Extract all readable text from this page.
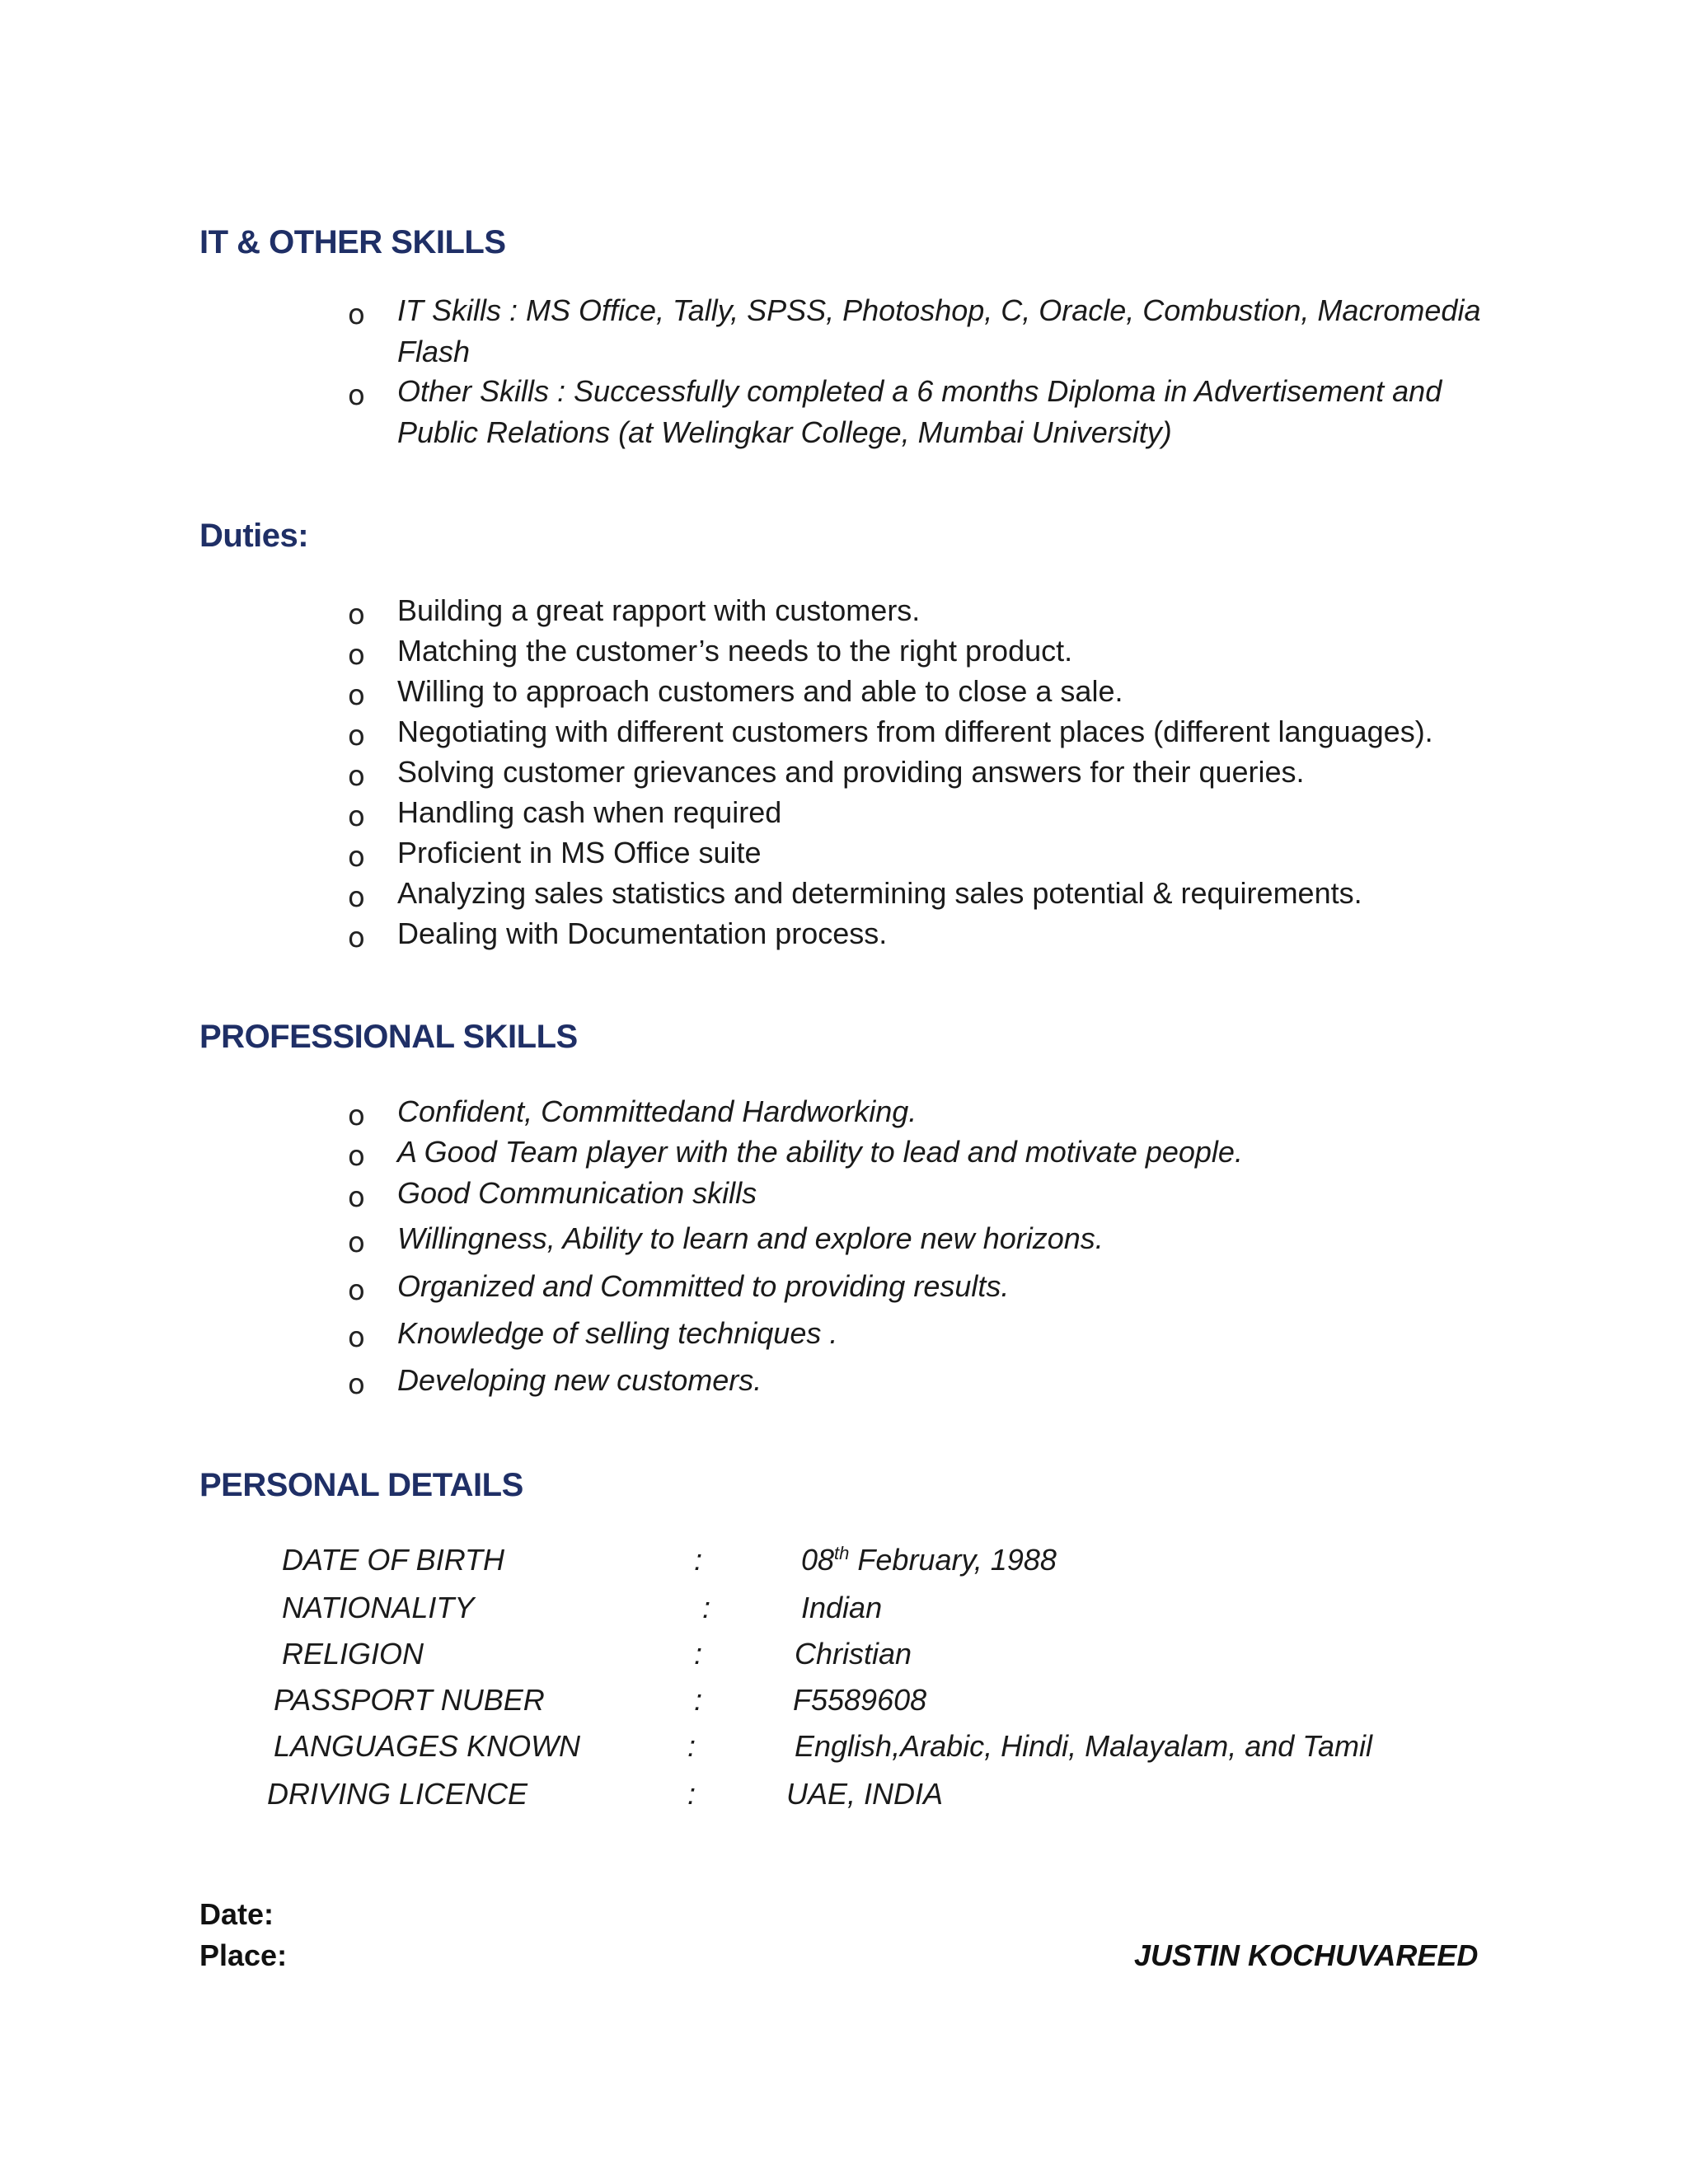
IT & OTHER SKILLS
o IT Skills : MS Office, Tally, SPSS, Photoshop, C, Oracle, Combustion, Macromedia Flash
o Other Skills : Successfully completed a 6 months Diploma in Advertisement and Public Relations (at Welingkar College, Mumbai University)
Duties:
o Building a great rapport with customers.
o Matching the customer’s needs to the right product.
o Willing to approach customers and able to close a sale.
o Negotiating with different customers from different places (different languages).
o Solving customer grievances and providing answers for their queries.
o Handling cash when required
o Proficient in MS Office suite
o Analyzing sales statistics and determining sales potential & requirements.
o Dealing with Documentation process.
PROFESSIONAL SKILLS
o Confident, Committedand Hardworking.
o A Good Team player with the ability to lead and motivate people.
o Good Communication skills
o Willingness, Ability to learn and explore new horizons.
o Organized and Committed to providing results.
o Knowledge of selling techniques .
o Developing new customers.
PERSONAL DETAILS
DATE OF BIRTH	:	08th February, 1988
NATIONALITY	:	Indian
RELIGION	:	Christian
PASSPORT NUBER	:	F5589608
LANGUAGES KNOWN	:	English,Arabic, Hindi, Malayalam, and Tamil
DRIVING LICENCE	:	UAE, INDIA
Date:
Place:	JUSTIN KOCHUVAREED
